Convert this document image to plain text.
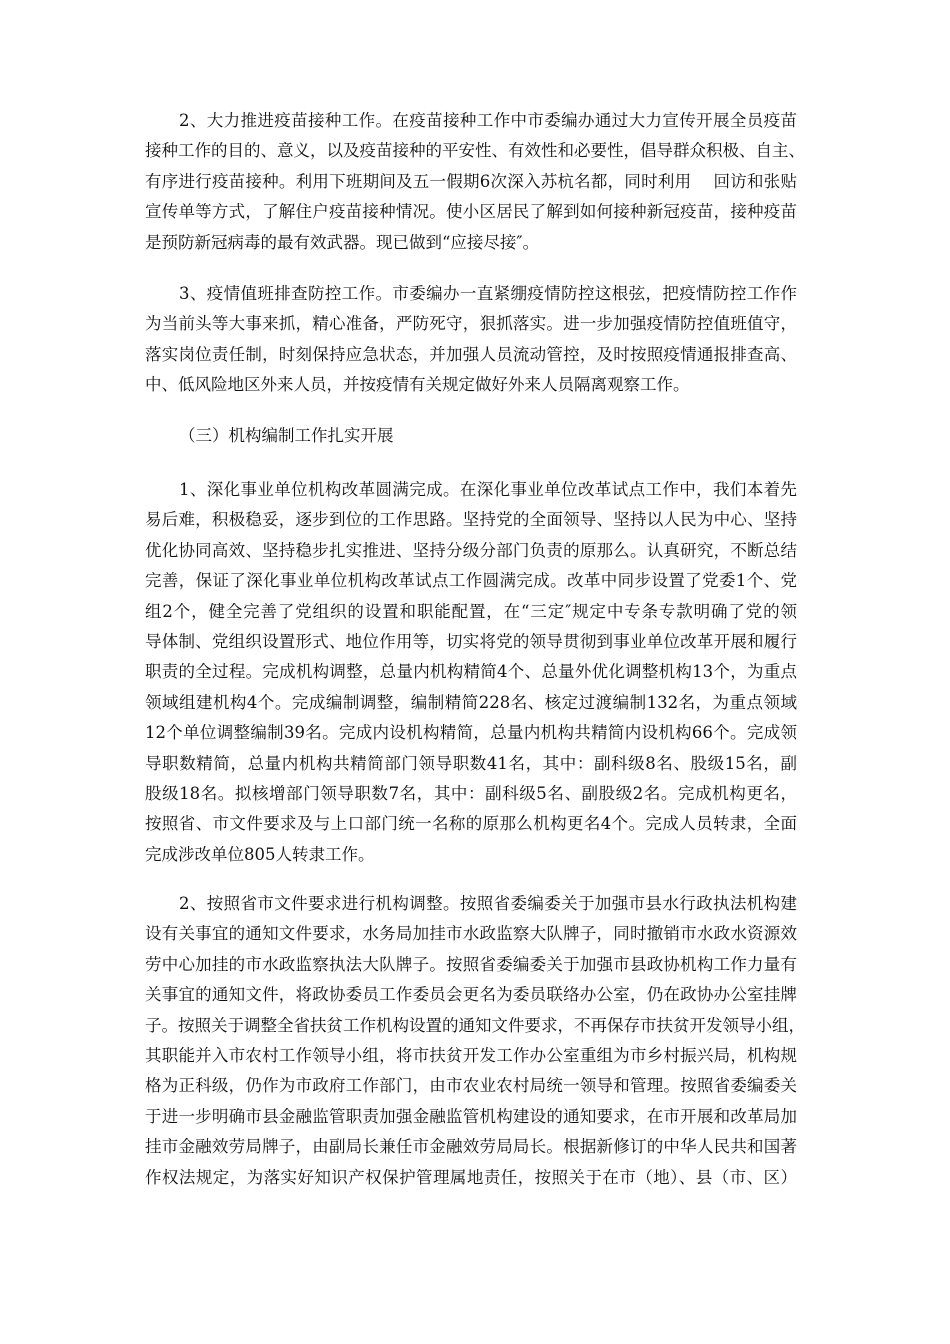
2、大力推进疫苗接种工作。在疫苗接种工作中市委编办通过大力宣传开展全员疫苗
接种工作的目的、意义，以及疫苗接种的平安性、有效性和必要性，倡导群众积极、自主、
有序进行疫苗接种。利用下班期间及五一假期6次深入苏杭名都，同时利用　 回访和张贴
宣传单等方式，了解住户疫苗接种情况。使小区居民了解到如何接种新冠疫苗，接种疫苗
是预防新冠病毒的最有效武器。现已做到“应接尽接″。
3、疫情值班排查防控工作。市委编办一直紧绷疫情防控这根弦，把疫情防控工作作
为当前头等大事来抓，精心准备，严防死守，狠抓落实。进一步加强疫情防控值班值守，
落实岗位责任制，时刻保持应急状态，并加强人员流动管控，及时按照疫情通报排查高、
中、低风险地区外来人员，并按疫情有关规定做好外来人员隔离观察工作。
（三）机构编制工作扎实开展
1、深化事业单位机构改革圆满完成。在深化事业单位改革试点工作中，我们本着先
易后难，积极稳妥，逐步到位的工作思路。坚持党的全面领导、坚持以人民为中心、坚持
优化协同高效、坚持稳步扎实推进、坚持分级分部门负责的原那么。认真研究，不断总结
完善，保证了深化事业单位机构改革试点工作圆满完成。改革中同步设置了党委1个、党
组2个，健全完善了党组织的设置和职能配置，在“三定″规定中专条专款明确了党的领
导体制、党组织设置形式、地位作用等，切实将党的领导贯彻到事业单位改革开展和履行
职责的全过程。完成机构调整，总量内机构精简4个、总量外优化调整机构13个，为重点
领域组建机构4个。完成编制调整，编制精简228名、核定过渡编制132名，为重点领域
12个单位调整编制39名。完成内设机构精简，总量内机构共精简内设机构66个。完成领
导职数精简，总量内机构共精简部门领导职数41名，其中：副科级8名、股级15名，副
股级18名。拟核增部门领导职数7名，其中：副科级5名、副股级2名。完成机构更名，
按照省、市文件要求及与上口部门统一名称的原那么机构更名4个。完成人员转隶，全面
完成涉改单位805人转隶工作。
2、按照省市文件要求进行机构调整。按照省委编委关于加强市县水行政执法机构建
设有关事宜的通知文件要求，水务局加挂市水政监察大队牌子，同时撤销市水政水资源效
劳中心加挂的市水政监察执法大队牌子。按照省委编委关于加强市县政协机构工作力量有
关事宜的通知文件，将政协委员工作委员会更名为委员联络办公室，仍在政协办公室挂牌
子。按照关于调整全省扶贫工作机构设置的通知文件要求，不再保存市扶贫开发领导小组，
其职能并入市农村工作领导小组，将市扶贫开发工作办公室重组为市乡村振兴局，机构规
格为正科级，仍作为市政府工作部门，由市农业农村局统一领导和管理。按照省委编委关
于进一步明确市县金融监管职责加强金融监管机构建设的通知要求，在市开展和改革局加
挂市金融效劳局牌子，由副局长兼任市金融效劳局局长。根据新修订的中华人民共和国著
作权法规定，为落实好知识产权保护管理属地责任，按照关于在市（地）、县（市、区）
